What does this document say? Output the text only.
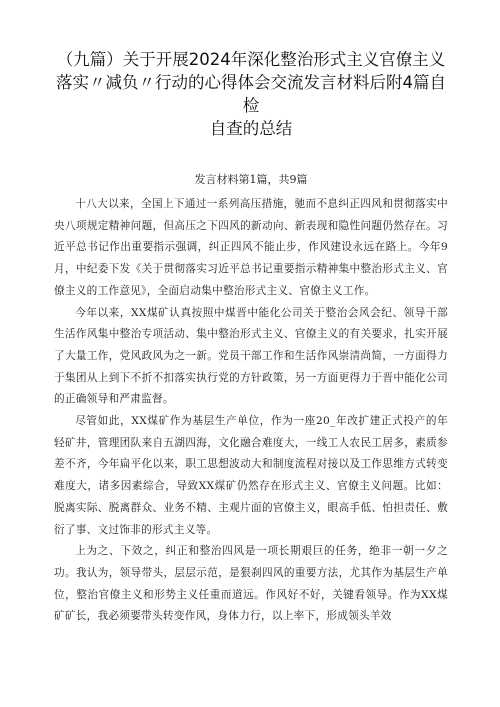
（九篇）关于开展2024年深化整治形式主义官僚主义
落实〃减负〃行动的心得体会交流发言材料后附4篇自检
自查的总结

发言材料第1篇，共9篇

十八大以来，全国上下通过一系列高压措施，驰而不息纠正四风和贯彻落实中央八项规定精神问题，但高压之下四风的新动向、新表现和隐性问题仍然存在。习近平总书记作出重要指示强调，纠正四风不能止步，作风建设永远在路上。今年9月，中纪委下发《关于贯彻落实习近平总书记重要指示精神集中整治形式主义、官僚主义的工作意见》，全面启动集中整治形式主义、官僚主义工作。

今年以来，XX煤矿认真按照中煤晋中能化公司关于整治会风会纪、领导干部生活作风集中整治专项活动、集中整治形式主义、官僚主义的有关要求，扎实开展了大量工作，党风政风为之一新。党员干部工作和生活作风崇清尚简，一方面得力于集团从上到下不折不扣落实执行党的方针政策，另一方面更得力于晋中能化公司的正确领导和严肃监督。

尽管如此，XX煤矿作为基层生产单位，作为一座20_年改扩建正式投产的年轻矿井，管理团队来自五湖四海，文化融合难度大，一线工人农民工居多，素质参差不齐，今年扁平化以来，职工思想波动大和制度流程对接以及工作思维方式转变难度大，诸多因素综合，导致XX煤矿仍然存在形式主义、官僚主义问题。比如：脱离实际、脱离群众、业务不精、主观片面的官僚主义，眼高手低、怕担责任、敷衍了事、文过饰非的形式主义等。

上为之、下效之，纠正和整治四风是一项长期艰巨的任务，绝非一朝一夕之功。我认为，领导带头，层层示范，是狠刹四风的重要方法，尤其作为基层生产单位，整治官僚主义和形势主义任重而道远。作风好不好，关键看领导。作为XX煤矿矿长，我必须要带头转变作风，身体力行，以上率下，形成领头羊效
